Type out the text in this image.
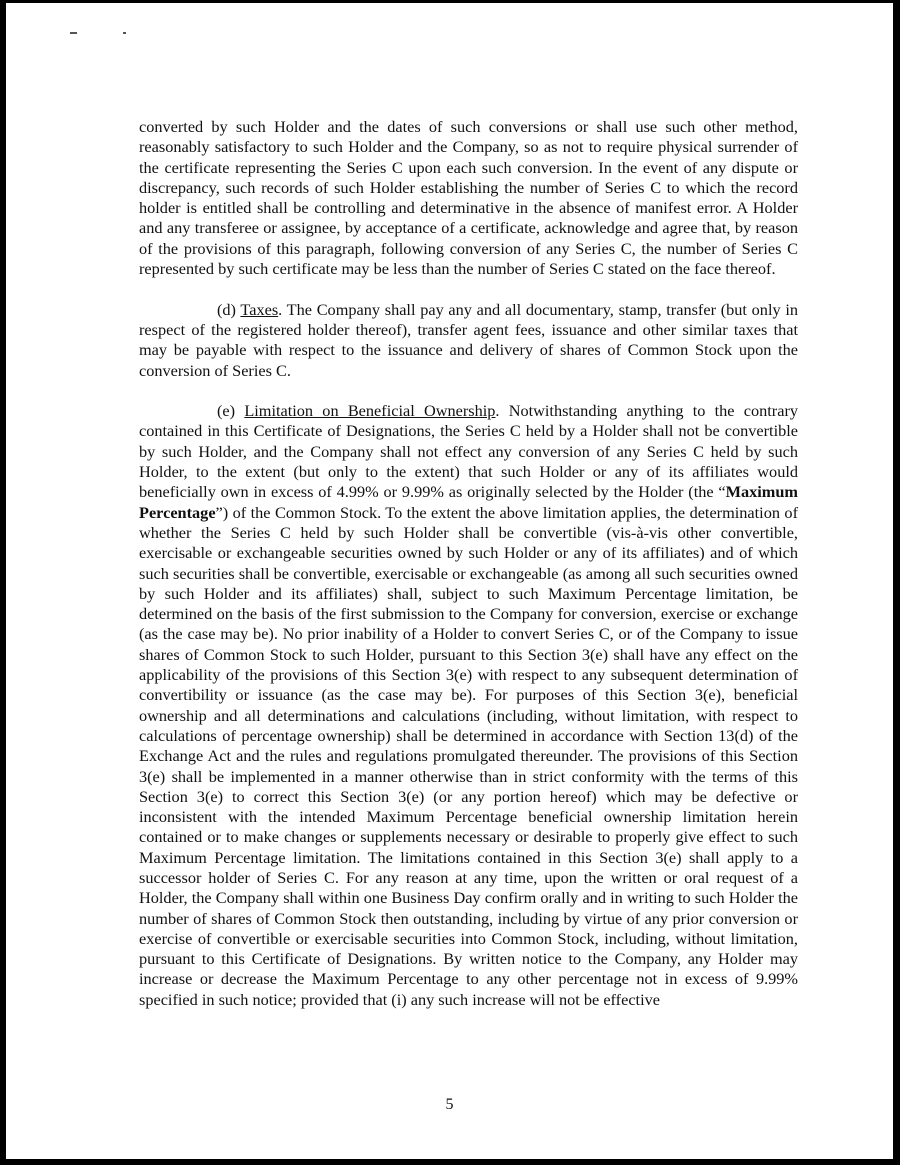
converted by such Holder and the dates of such conversions or shall use such other method, reasonably satisfactory to such Holder and the Company, so as not to require physical surrender of the certificate representing the Series C upon each such conversion. In the event of any dispute or discrepancy, such records of such Holder establishing the number of Series C to which the record holder is entitled shall be controlling and determinative in the absence of manifest error. A Holder and any transferee or assignee, by acceptance of a certificate, acknowledge and agree that, by reason of the provisions of this paragraph, following conversion of any Series C, the number of Series C represented by such certificate may be less than the number of Series C stated on the face thereof.

(d) Taxes. The Company shall pay any and all documentary, stamp, transfer (but only in respect of the registered holder thereof), transfer agent fees, issuance and other similar taxes that may be payable with respect to the issuance and delivery of shares of Common Stock upon the conversion of Series C.

(e) Limitation on Beneficial Ownership. Notwithstanding anything to the contrary contained in this Certificate of Designations, the Series C held by a Holder shall not be convertible by such Holder, and the Company shall not effect any conversion of any Series C held by such Holder, to the extent (but only to the extent) that such Holder or any of its affiliates would beneficially own in excess of 4.99% or 9.99% as originally selected by the Holder (the “Maximum Percentage”) of the Common Stock. To the extent the above limitation applies, the determination of whether the Series C held by such Holder shall be convertible (vis-à-vis other convertible, exercisable or exchangeable securities owned by such Holder or any of its affiliates) and of which such securities shall be convertible, exercisable or exchangeable (as among all such securities owned by such Holder and its affiliates) shall, subject to such Maximum Percentage limitation, be determined on the basis of the first submission to the Company for conversion, exercise or exchange (as the case may be). No prior inability of a Holder to convert Series C, or of the Company to issue shares of Common Stock to such Holder, pursuant to this Section 3(e) shall have any effect on the applicability of the provisions of this Section 3(e) with respect to any subsequent determination of convertibility or issuance (as the case may be). For purposes of this Section 3(e), beneficial ownership and all determinations and calculations (including, without limitation, with respect to calculations of percentage ownership) shall be determined in accordance with Section 13(d) of the Exchange Act and the rules and regulations promulgated thereunder. The provisions of this Section 3(e) shall be implemented in a manner otherwise than in strict conformity with the terms of this Section 3(e) to correct this Section 3(e) (or any portion hereof) which may be defective or inconsistent with the intended Maximum Percentage beneficial ownership limitation herein contained or to make changes or supplements necessary or desirable to properly give effect to such Maximum Percentage limitation. The limitations contained in this Section 3(e) shall apply to a successor holder of Series C. For any reason at any time, upon the written or oral request of a Holder, the Company shall within one Business Day confirm orally and in writing to such Holder the number of shares of Common Stock then outstanding, including by virtue of any prior conversion or exercise of convertible or exercisable securities into Common Stock, including, without limitation, pursuant to this Certificate of Designations. By written notice to the Company, any Holder may increase or decrease the Maximum Percentage to any other percentage not in excess of 9.99% specified in such notice; provided that (i) any such increase will not be effective

5
